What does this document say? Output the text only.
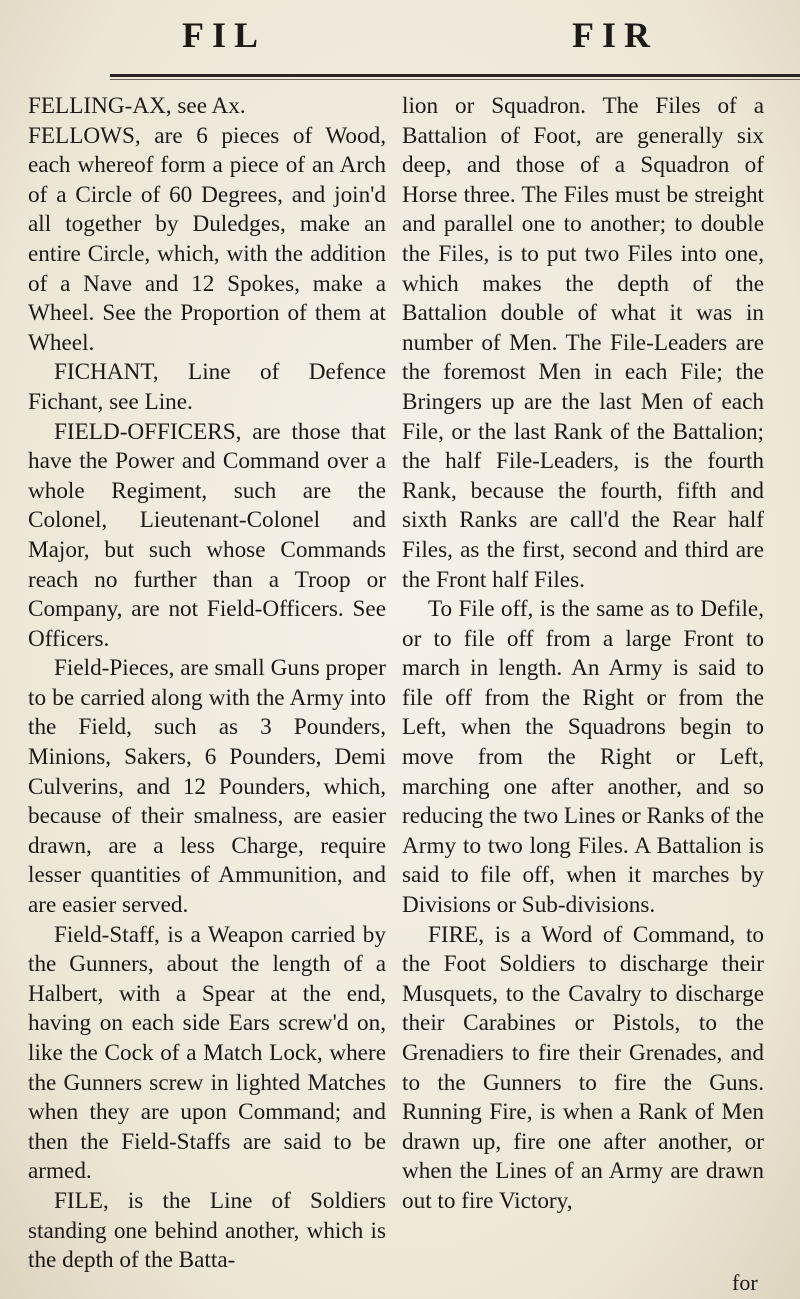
FIL	FIR

FELLING-AX, see Ax.

FELLOWS, are 6 pieces of Wood, each whereof form a piece of an Arch of a Circle of 60 Degrees, and join'd all together by Duledges, make an entire Circle, which, with the addition of a Nave and 12 Spokes, make a Wheel. See the Proportion of them at Wheel.

FICHANT, Line of Defence Fichant, see Line.

FIELD-OFFICERS, are those that have the Power and Command over a whole Regiment, such are the Colonel, Lieutenant-Colonel and Major, but such whose Commands reach no further than a Troop or Company, are not Field-Officers. See Officers.

Field-Pieces, are small Guns proper to be carried along with the Army into the Field, such as 3 Pounders, Minions, Sakers, 6 Pounders, Demi Culverins, and 12 Pounders, which, because of their smalness, are easier drawn, are a less Charge, require lesser quantities of Ammunition, and are easier served.

Field-Staff, is a Weapon carried by the Gunners, about the length of a Halbert, with a Spear at the end, having on each side Ears screw'd on, like the Cock of a Match Lock, where the Gunners screw in lighted Matches when they are upon Command; and then the Field-Staffs are said to be armed.

FILE, is the Line of Soldiers standing one behind another, which is the depth of the Batta-

lion or Squadron. The Files of a Battalion of Foot, are generally six deep, and those of a Squadron of Horse three. The Files must be streight and parallel one to another; to double the Files, is to put two Files into one, which makes the depth of the Battalion double of what it was in number of Men. The File-Leaders are the foremost Men in each File; the Bringers up are the last Men of each File, or the last Rank of the Battalion; the half File-Leaders, is the fourth Rank, because the fourth, fifth and sixth Ranks are call'd the Rear half Files, as the first, second and third are the Front half Files.

To File off, is the same as to Defile, or to file off from a large Front to march in length. An Army is said to file off from the Right or from the Left, when the Squadrons begin to move from the Right or Left, marching one after another, and so reducing the two Lines or Ranks of the Army to two long Files. A Battalion is said to file off, when it marches by Divisions or Sub-divisions.

FIRE, is a Word of Command, to the Foot Soldiers to discharge their Musquets, to the Cavalry to discharge their Carabines or Pistols, to the Grenadiers to fire their Grenades, and to the Gunners to fire the Guns. Running Fire, is when a Rank of Men drawn up, fire one after another, or when the Lines of an Army are drawn out to fire Victory,

for
